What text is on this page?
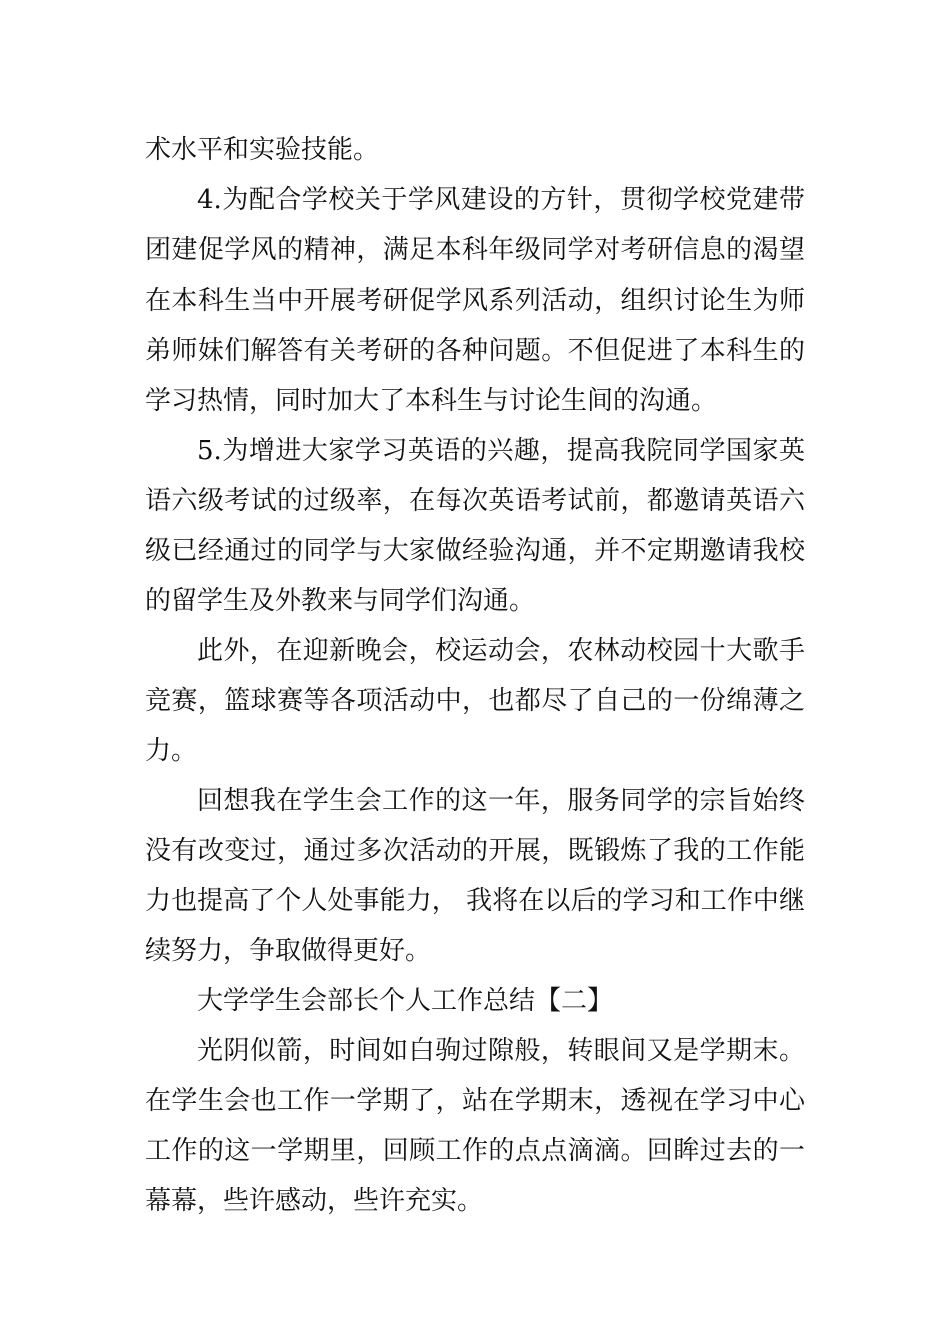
术水平和实验技能。
4.为配合学校关于学风建设的方针，贯彻学校党建带
团建促学风的精神，满足本科年级同学对考研信息的渴望
在本科生当中开展考研促学风系列活动，组织讨论生为师
弟师妹们解答有关考研的各种问题。不但促进了本科生的
学习热情，同时加大了本科生与讨论生间的沟通。
5.为增进大家学习英语的兴趣，提高我院同学国家英
语六级考试的过级率，在每次英语考试前，都邀请英语六
级已经通过的同学与大家做经验沟通，并不定期邀请我校
的留学生及外教来与同学们沟通。
此外，在迎新晚会，校运动会，农林动校园十大歌手
竞赛，篮球赛等各项活动中，也都尽了自己的一份绵薄之
力。
回想我在学生会工作的这一年，服务同学的宗旨始终
没有改变过，通过多次活动的开展，既锻炼了我的工作能
力也提高了个人处事能力， 我将在以后的学习和工作中继
续努力，争取做得更好。
大学学生会部长个人工作总结【二】
光阴似箭，时间如白驹过隙般，转眼间又是学期末。
在学生会也工作一学期了，站在学期末，透视在学习中心
工作的这一学期里，回顾工作的点点滴滴。回眸过去的一
幕幕，些许感动，些许充实。
